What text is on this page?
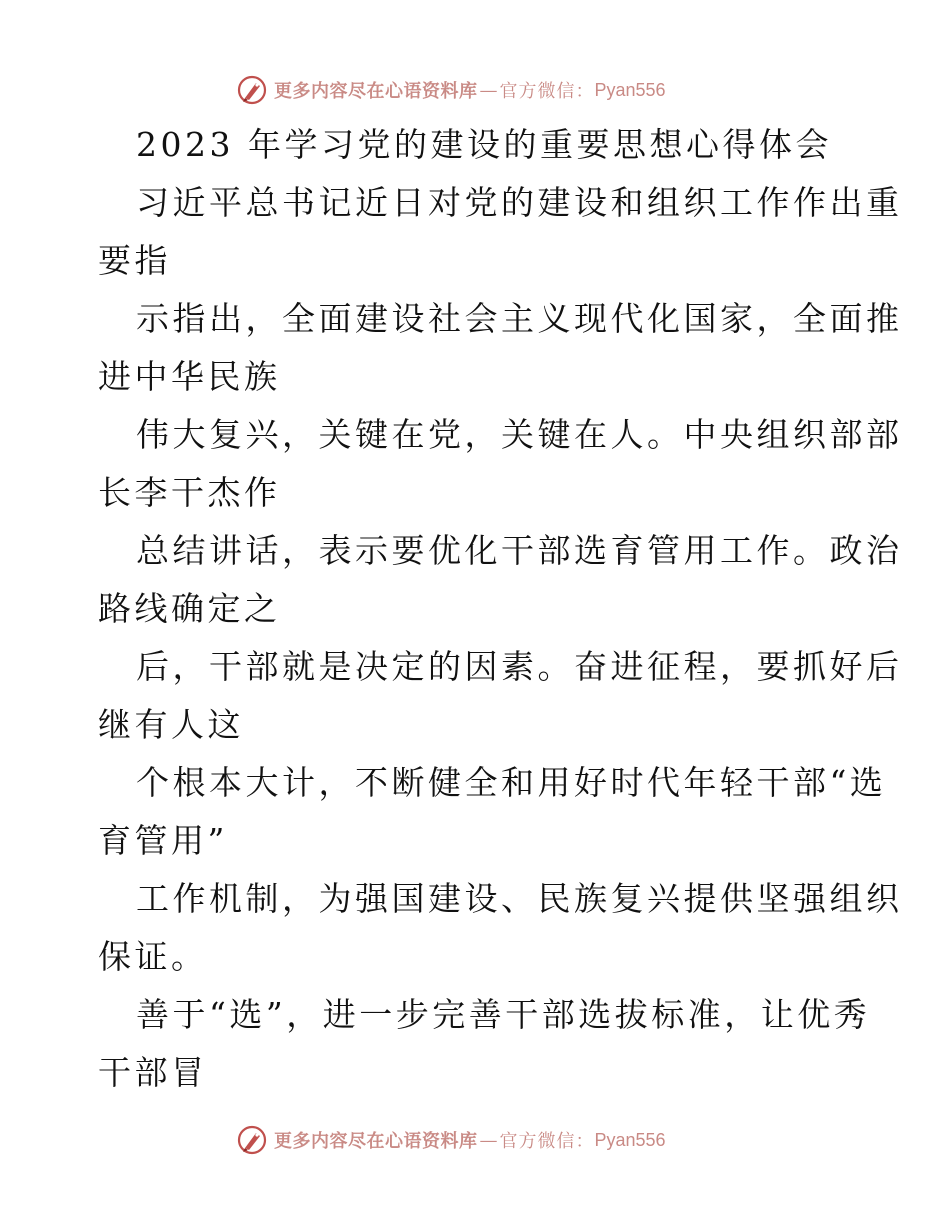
更多内容尽在心语资料库 — 官方微信： Pyan556
2023 年学习党的建设的重要思想心得体会
习近平总书记近日对党的建设和组织工作作出重
要指
示指出，全面建设社会主义现代化国家，全面推
进中华民族
伟大复兴，关键在党，关键在人。中央组织部部
长李干杰作
总结讲话，表示要优化干部选育管用工作。政治
路线确定之
后，干部就是决定的因素。奋进征程，要抓好后
继有人这
个根本大计，不断健全和用好时代年轻干部“选
育管用”
工作机制，为强国建设、民族复兴提供坚强组织
保证。
善于“选”，进一步完善干部选拔标准，让优秀
干部冒
更多内容尽在心语资料库 — 官方微信： Pyan556
